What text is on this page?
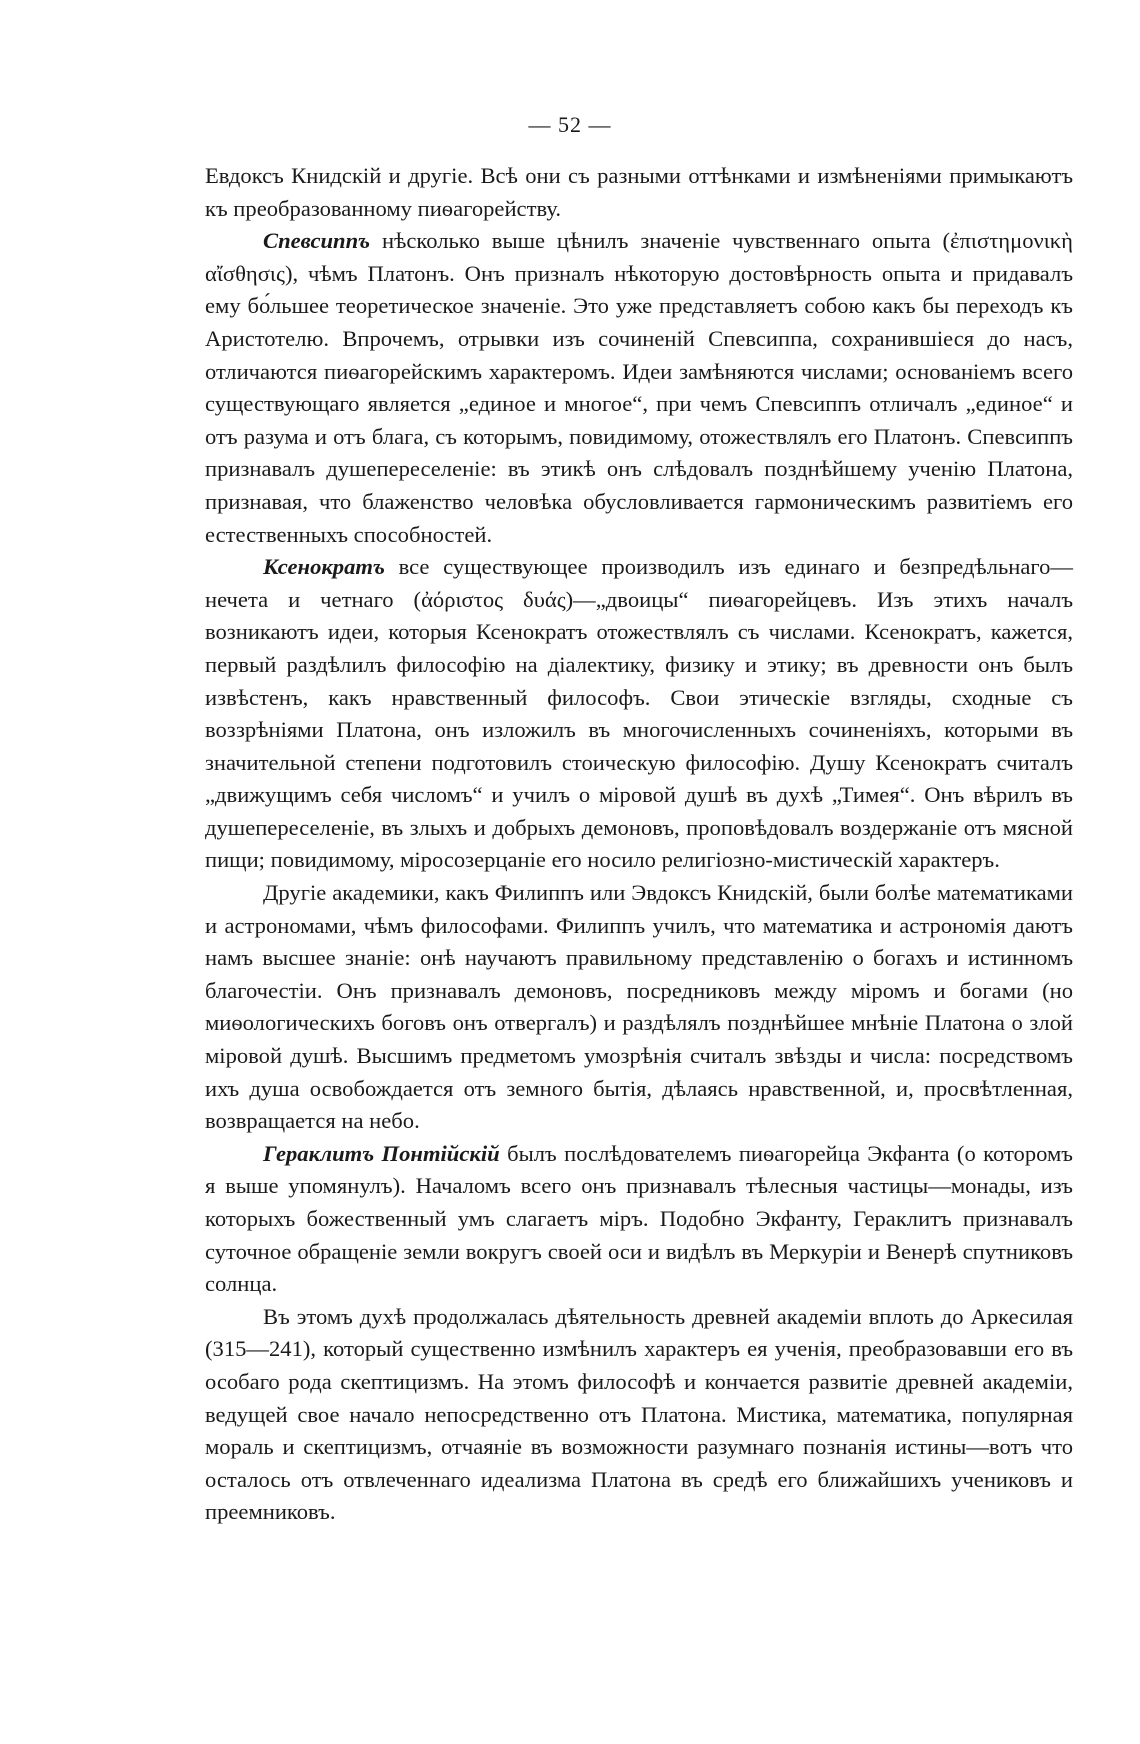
— 52 —

Евдоксъ Книдскій и другіе. Всѣ они съ разными оттѣнками и измѣненіями примыкаютъ къ преобразованному пиѳагорейству.

Спевсиппъ нѣсколько выше цѣнилъ значеніе чувственнаго опыта (ἐπιστημονικὴ αἴσθησις), чѣмъ Платонъ. Онъ призналъ нѣкоторую достовѣрность опыта и придавалъ ему бо́льшее теоретическое значеніе. Это уже представляетъ собою какъ бы переходъ къ Аристотелю. Впрочемъ, отрывки изъ сочиненій Спевсиппа, сохранившіеся до насъ, отличаются пиѳагорейскимъ характеромъ. Идеи замѣняются числами; основаніемъ всего существующаго является „единое и многое“, при чемъ Спевсиппъ отличалъ „единое“ и отъ разума и отъ блага, съ которымъ, повидимому, отожествлялъ его Платонъ. Спевсиппъ признавалъ душепереселеніе: въ этикѣ онъ слѣдовалъ позднѣйшему ученію Платона, признавая, что блаженство человѣка обусловливается гармоническимъ развитіемъ его естественныхъ способностей.

Ксенократъ все существующее производилъ изъ единаго и безпредѣльнаго—нечета и четнаго (ἀόριστος δυάς)—„двоицы“ пиѳагорейцевъ. Изъ этихъ началъ возникаютъ идеи, которыя Ксенократъ отожествлялъ съ числами. Ксенократъ, кажется, первый раздѣлилъ философію на діалектику, физику и этику; въ древности онъ былъ извѣстенъ, какъ нравственный философъ. Свои этическіе взгляды, сходные съ воззрѣніями Платона, онъ изложилъ въ многочисленныхъ сочиненіяхъ, которыми въ значительной степени подготовилъ стоическую философію. Душу Ксенократъ считалъ „движущимъ себя числомъ“ и училъ о міровой душѣ въ духѣ „Тимея“. Онъ вѣрилъ въ душепереселеніе, въ злыхъ и добрыхъ демоновъ, проповѣдовалъ воздержаніе отъ мясной пищи; повидимому, міросозерцаніе его носило религіозно-мистическій характеръ.

Другіе академики, какъ Филиппъ или Эвдоксъ Книдскій, были болѣе математиками и астрономами, чѣмъ философами. Филиппъ училъ, что математика и астрономія даютъ намъ высшее знаніе: онѣ научаютъ правильному представленію о богахъ и истинномъ благочестіи. Онъ признавалъ демоновъ, посредниковъ между міромъ и богами (но миѳологическихъ боговъ онъ отвергалъ) и раздѣлялъ позднѣйшее мнѣніе Платона о злой міровой душѣ. Высшимъ предметомъ умозрѣнія считалъ звѣзды и числа: посредствомъ ихъ душа освобождается отъ земного бытія, дѣлаясь нравственной, и, просвѣтленная, возвращается на небо.

Гераклитъ Понтійскій былъ послѣдователемъ пиѳагорейца Экфанта (о которомъ я выше упомянулъ). Началомъ всего онъ признавалъ тѣлесныя частицы—монады, изъ которыхъ божественный умъ слагаетъ міръ. Подобно Экфанту, Гераклитъ признавалъ суточное обращеніе земли вокругъ своей оси и видѣлъ въ Меркуріи и Венерѣ спутниковъ солнца.

Въ этомъ духѣ продолжалась дѣятельность древней академіи вплоть до Аркесилая (315—241), который существенно измѣнилъ характеръ ея ученія, преобразовавши его въ особаго рода скептицизмъ. На этомъ философѣ и кончается развитіе древней академіи, ведущей свое начало непосредственно отъ Платона. Мистика, математика, популярная мораль и скептицизмъ, отчаяніе въ возможности разумнаго познанія истины—вотъ что осталось отъ отвлеченнаго идеализма Платона въ средѣ его ближайшихъ учениковъ и преемниковъ.
